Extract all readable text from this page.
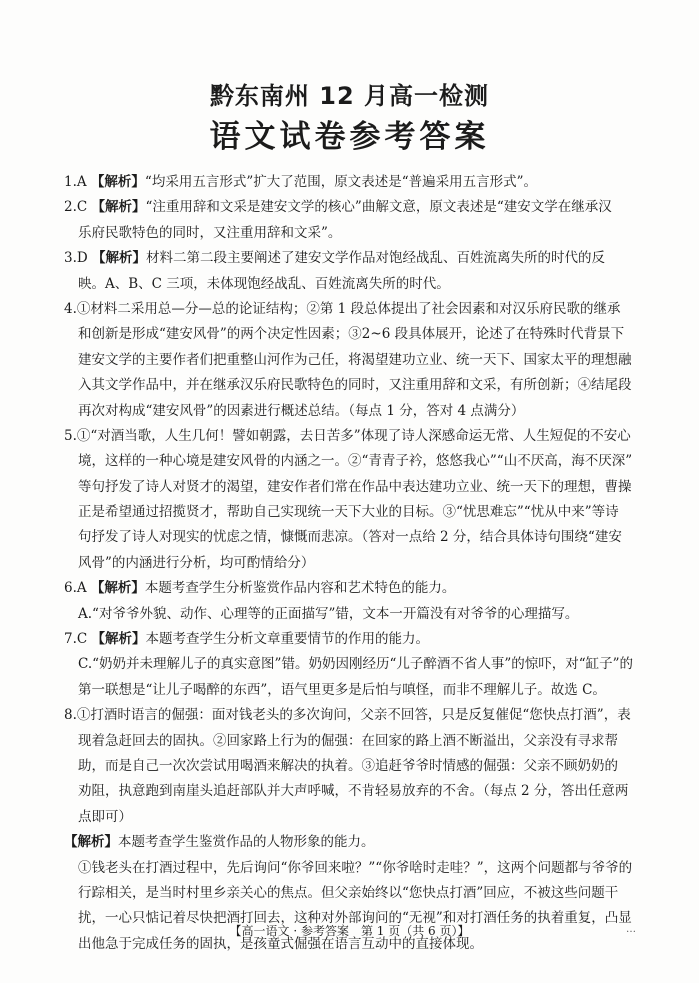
黔东南州 12 月高一检测
语文试卷参考答案
1.A 【解析】“均采用五言形式”扩大了范围，原文表述是“普遍采用五言形式”。
2.C 【解析】“注重用辞和文采是建安文学的核心”曲解文意，原文表述是“建安文学在继承汉
乐府民歌特色的同时，又注重用辞和文采”。
3.D 【解析】材料二第二段主要阐述了建安文学作品对饱经战乱、百姓流离失所的时代的反
映。A、B、C 三项，未体现饱经战乱、百姓流离失所的时代。
4.①材料二采用总—分—总的论证结构；②第 1 段总体提出了社会因素和对汉乐府民歌的继承
和创新是形成“建安风骨”的两个决定性因素；③2~6 段具体展开，论述了在特殊时代背景下
建安文学的主要作者们把重整山河作为己任，将渴望建功立业、统一天下、国家太平的理想融
入其文学作品中，并在继承汉乐府民歌特色的同时，又注重用辞和文采，有所创新；④结尾段
再次对构成“建安风骨”的因素进行概述总结。（每点 1 分，答对 4 点满分）
5.①“对酒当歌，人生几何！譬如朝露，去日苦多”体现了诗人深感命运无常、人生短促的不安心
境，这样的一种心境是建安风骨的内涵之一。②“青青子衿，悠悠我心”“山不厌高，海不厌深”
等句抒发了诗人对贤才的渴望，建安作者们常在作品中表达建功立业、统一天下的理想，曹操
正是希望通过招揽贤才，帮助自己实现统一天下大业的目标。③“忧思难忘”“忧从中来”等诗
句抒发了诗人对现实的忧虑之情，慷慨而悲凉。（答对一点给 2 分，结合具体诗句围绕“建安
风骨”的内涵进行分析，均可酌情给分）
6.A 【解析】本题考查学生分析鉴赏作品内容和艺术特色的能力。
A.“对爷爷外貌、动作、心理等的正面描写”错，文本一开篇没有对爷爷的心理描写。
7.C 【解析】本题考查学生分析文章重要情节的作用的能力。
C.“奶奶并未理解儿子的真实意图”错。奶奶因刚经历“儿子醉酒不省人事”的惊吓，对“缸子”的
第一联想是“让儿子喝醉的东西”，语气里更多是后怕与嗔怪，而非不理解儿子。故选 C。
8.①打酒时语言的倔强：面对钱老头的多次询问，父亲不回答，只是反复催促“您快点打酒”，表
现着急赶回去的固执。②回家路上行为的倔强：在回家的路上酒不断溢出，父亲没有寻求帮
助，而是自己一次次尝试用喝酒来解决的执着。③追赶爷爷时情感的倔强：父亲不顾奶奶的
劝阻，执意跑到南崖头追赶部队并大声呼喊，不肯轻易放弃的不舍。（每点 2 分，答出任意两
点即可）
【解析】本题考查学生鉴赏作品的人物形象的能力。
①钱老头在打酒过程中，先后询问“你爷回来啦？”“你爷啥时走哇？”，这两个问题都与爷爷的
行踪相关，是当时村里乡亲关心的焦点。但父亲始终以“您快点打酒”回应，不被这些问题干
扰，一心只惦记着尽快把酒打回去，这种对外部询问的“无视”和对打酒任务的执着重复，凸显
出他急于完成任务的固执，是孩童式倔强在语言互动中的直接体现。
【高一语文 · 参考答案　第 1 页（共 6 页）】	…
